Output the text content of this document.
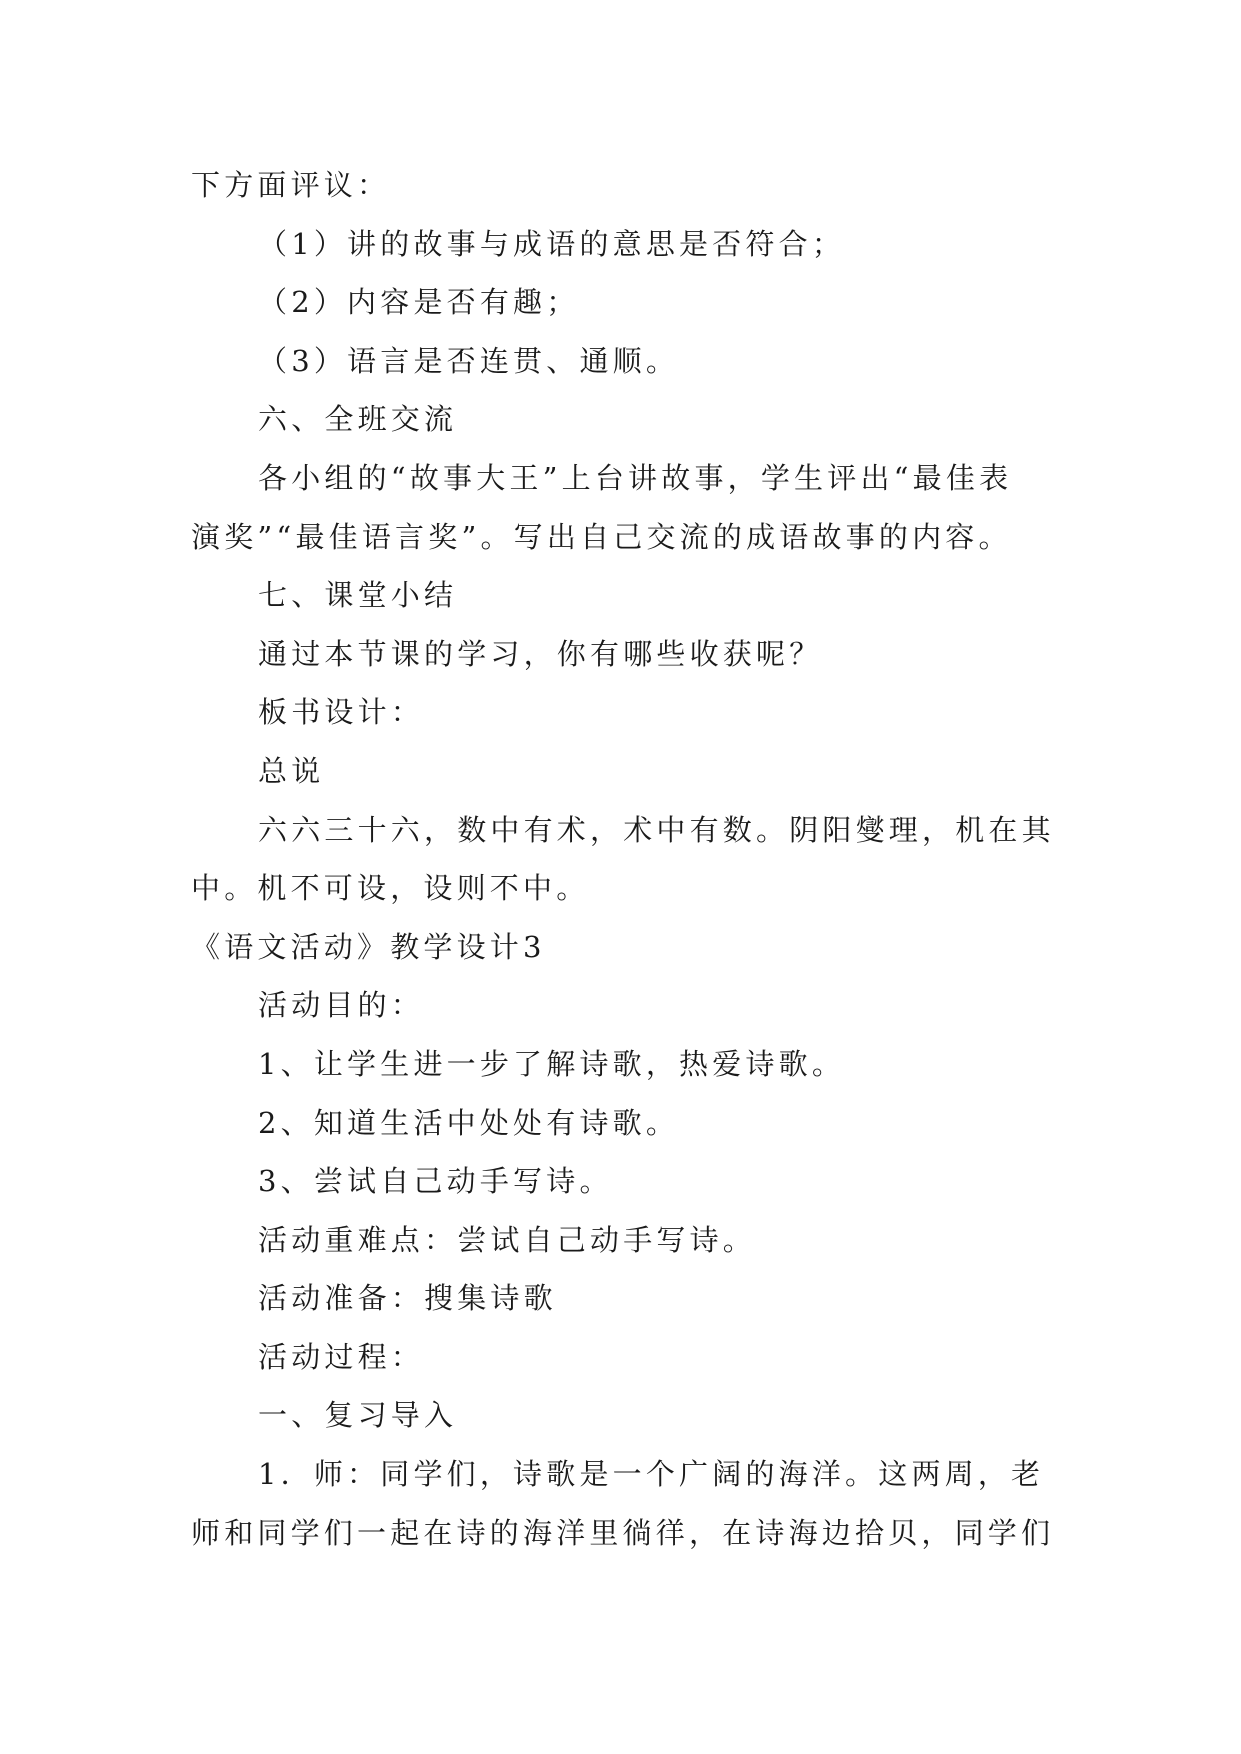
下方面评议：
（1）讲的故事与成语的意思是否符合；
（2）内容是否有趣；
（3）语言是否连贯、通顺。
六、全班交流
各小组的“故事大王”上台讲故事，学生评出“最佳表
演奖”“最佳语言奖”。写出自己交流的成语故事的内容。
七、课堂小结
通过本节课的学习，你有哪些收获呢？
板书设计：
总说
六六三十六，数中有术，术中有数。阴阳燮理，机在其
中。机不可设，设则不中。
《语文活动》教学设计3
活动目的：
1、让学生进一步了解诗歌，热爱诗歌。
2、知道生活中处处有诗歌。
3、尝试自己动手写诗。
活动重难点：尝试自己动手写诗。
活动准备：搜集诗歌
活动过程：
一、复习导入
1．师：同学们，诗歌是一个广阔的海洋。这两周，老
师和同学们一起在诗的海洋里徜徉，在诗海边拾贝，同学们
